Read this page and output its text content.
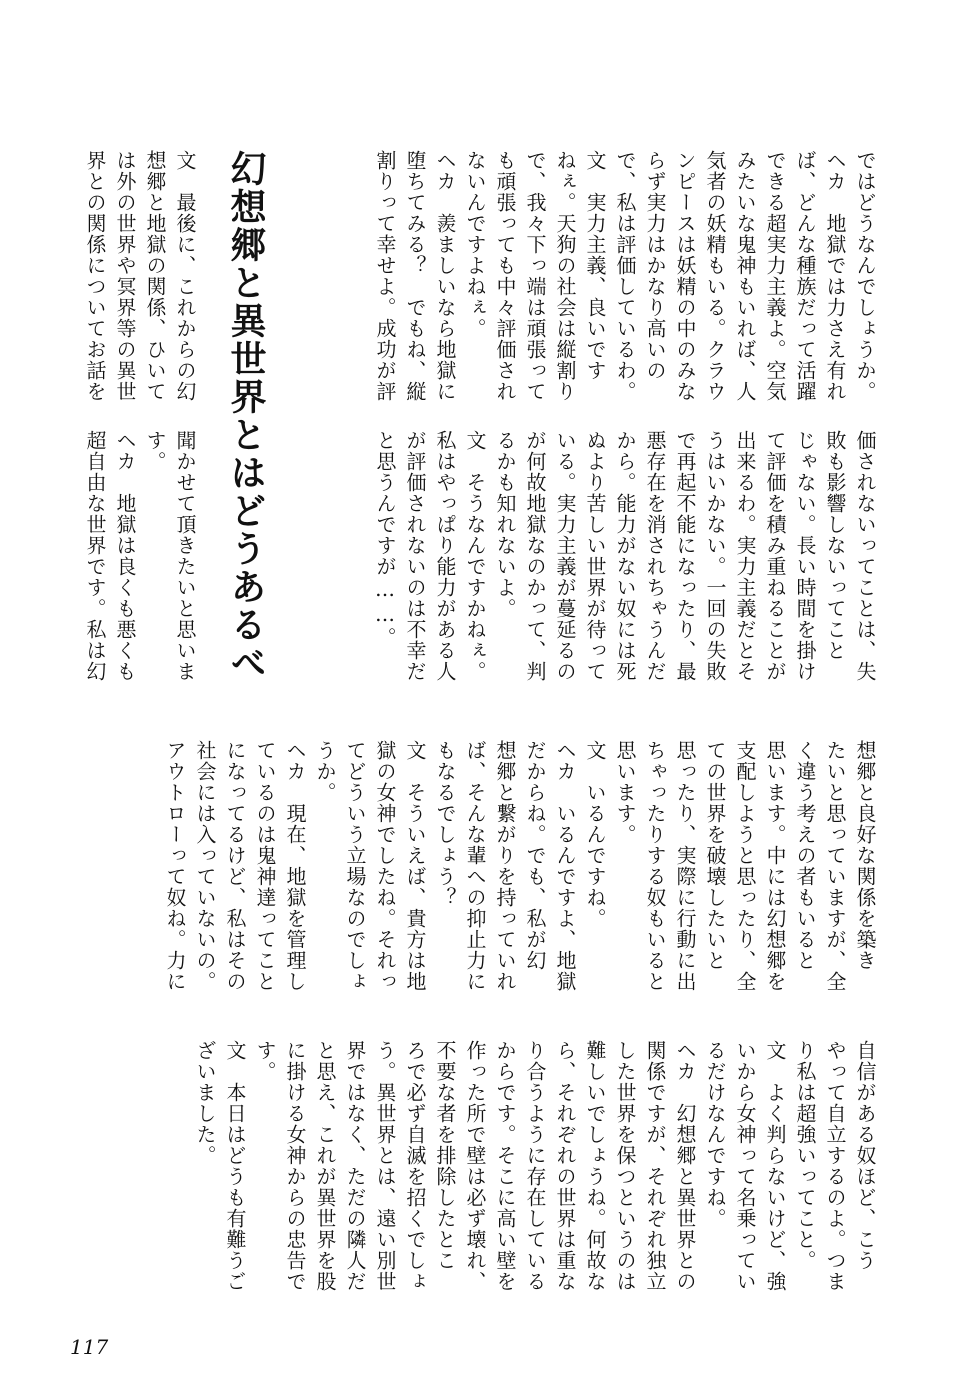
ではどうなんでしょうか。
ヘカ　地獄では力さえ有れ
ば、どんな種族だって活躍
できる超実力主義よ。空気
みたいな鬼神もいれば、人
気者の妖精もいる。クラウ
ンピースは妖精の中のみな
らず実力はかなり高いの
で、私は評価しているわ。
文　実力主義、良いです
ねぇ。天狗の社会は縦割り
で、我々下っ端は頑張って
も頑張っても中々評価され
ないんですよねぇ。
ヘカ　羨ましいなら地獄に
堕ちてみる？　でもね、縦
割りって幸せよ。成功が評
幻想郷と異世界とはどうあるべ
文　最後に、これからの幻
想郷と地獄の関係、ひいて
は外の世界や冥界等の異世
界との関係についてお話を
価されないってことは、失
敗も影響しないってこと
じゃない。長い時間を掛け
て評価を積み重ねることが
出来るわ。実力主義だとそ
うはいかない。一回の失敗
で再起不能になったり、最
悪存在を消されちゃうんだ
から。能力がない奴には死
ぬより苦しい世界が待って
いる。実力主義が蔓延るの
が何故地獄なのかって、判
るかも知れないよ。
文　そうなんですかねぇ。
私はやっぱり能力がある人
が評価されないのは不幸だ
と思うんですが……。
聞かせて頂きたいと思いま
す。
ヘカ　地獄は良くも悪くも
超自由な世界です。私は幻
想郷と良好な関係を築き
たいと思っていますが、全
く違う考えの者もいると
思います。中には幻想郷を
支配しようと思ったり、全
ての世界を破壊したいと
思ったり、実際に行動に出
ちゃったりする奴もいると
思います。
文　いるんですね。
ヘカ　いるんですよ、地獄
だからね。でも、私が幻
想郷と繋がりを持っていれ
ば、そんな輩への抑止力に
もなるでしょう？
文　そういえば、貴方は地
獄の女神でしたね。それっ
てどういう立場なのでしょ
うか。
ヘカ　現在、地獄を管理し
ているのは鬼神達ってこと
になってるけど、私はその
社会には入っていないの。
アウトローって奴ね。力に
自信がある奴ほど、こう
やって自立するのよ。つま
り私は超強いってこと。
文　よく判らないけど、強
いから女神って名乗ってい
るだけなんですね。
ヘカ　幻想郷と異世界との
関係ですが、それぞれ独立
した世界を保つというのは
難しいでしょうね。何故な
ら、それぞれの世界は重な
り合うように存在している
からです。そこに高い壁を
作った所で壁は必ず壊れ、
不要な者を排除したとこ
ろで必ず自滅を招くでしょ
う。異世界とは、遠い別世
界ではなく、ただの隣人だ
と思え、これが異世界を股
に掛ける女神からの忠告で
す。
文　本日はどうも有難うご
ざいました。
117
